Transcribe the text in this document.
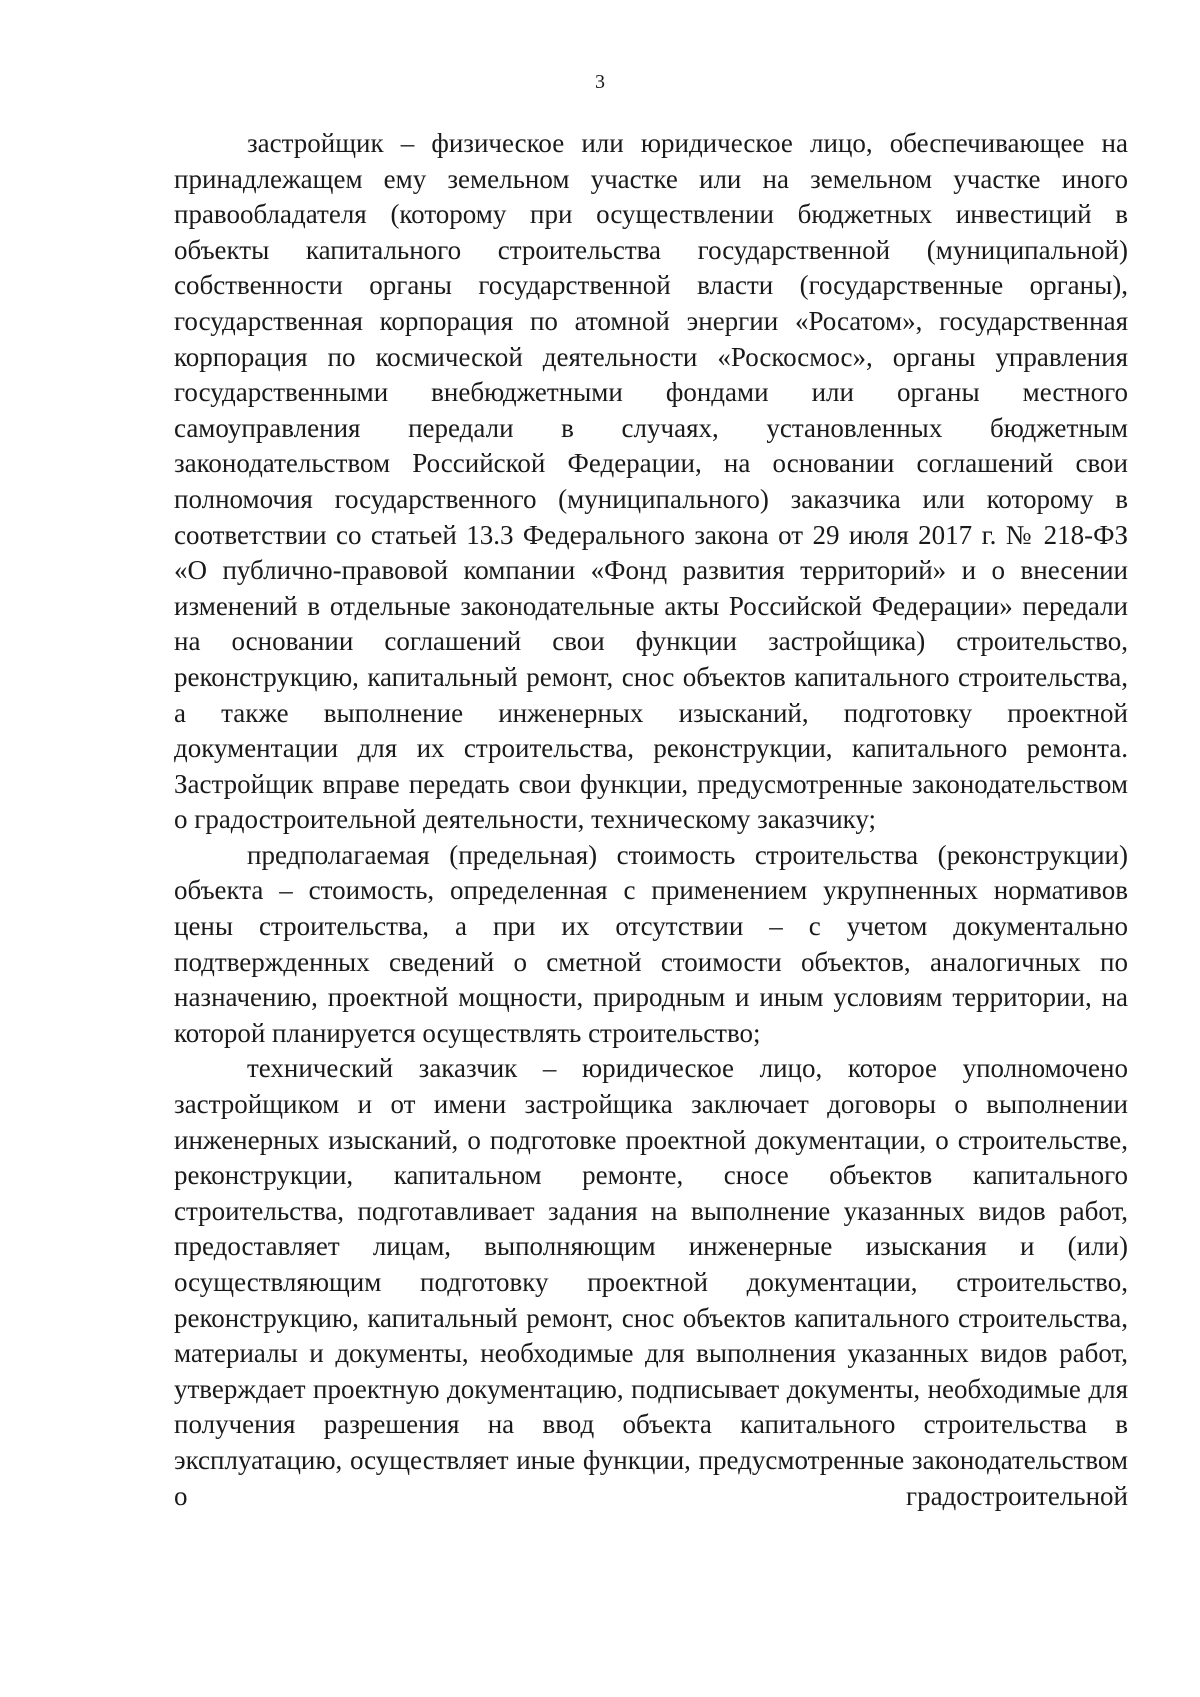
3

застройщик – физическое или юридическое лицо, обеспечивающее на принадлежащем ему земельном участке или на земельном участке иного правообладателя (которому при осуществлении бюджетных инвестиций в объекты капитального строительства государственной (муниципальной) собственности органы государственной власти (государственные органы), государственная корпорация по атомной энергии «Росатом», государственная корпорация по космической деятельности «Роскосмос», органы управления государственными внебюджетными фондами или органы местного самоуправления передали в случаях, установленных бюджетным законодательством Российской Федерации, на основании соглашений свои полномочия государственного (муниципального) заказчика или которому в соответствии со статьей 13.3 Федерального закона от 29 июля 2017 г. № 218-ФЗ «О публично-правовой компании «Фонд развития территорий» и о внесении изменений в отдельные законодательные акты Российской Федерации» передали на основании соглашений свои функции застройщика) строительство, реконструкцию, капитальный ремонт, снос объектов капитального строительства, а также выполнение инженерных изысканий, подготовку проектной документации для их строительства, реконструкции, капитального ремонта. Застройщик вправе передать свои функции, предусмотренные законодательством о градостроительной деятельности, техническому заказчику;

предполагаемая (предельная) стоимость строительства (реконструкции) объекта – стоимость, определенная с применением укрупненных нормативов цены строительства, а при их отсутствии – с учетом документально подтвержденных сведений о сметной стоимости объектов, аналогичных по назначению, проектной мощности, природным и иным условиям территории, на которой планируется осуществлять строительство;

технический заказчик – юридическое лицо, которое уполномочено застройщиком и от имени застройщика заключает договоры о выполнении инженерных изысканий, о подготовке проектной документации, о строительстве, реконструкции, капитальном ремонте, сносе объектов капитального строительства, подготавливает задания на выполнение указанных видов работ, предоставляет лицам, выполняющим инженерные изыскания и (или) осуществляющим подготовку проектной документации, строительство, реконструкцию, капитальный ремонт, снос объектов капитального строительства, материалы и документы, необходимые для выполнения указанных видов работ, утверждает проектную документацию, подписывает документы, необходимые для получения разрешения на ввод объекта капитального строительства в эксплуатацию, осуществляет иные функции, предусмотренные законодательством о градостроительной
